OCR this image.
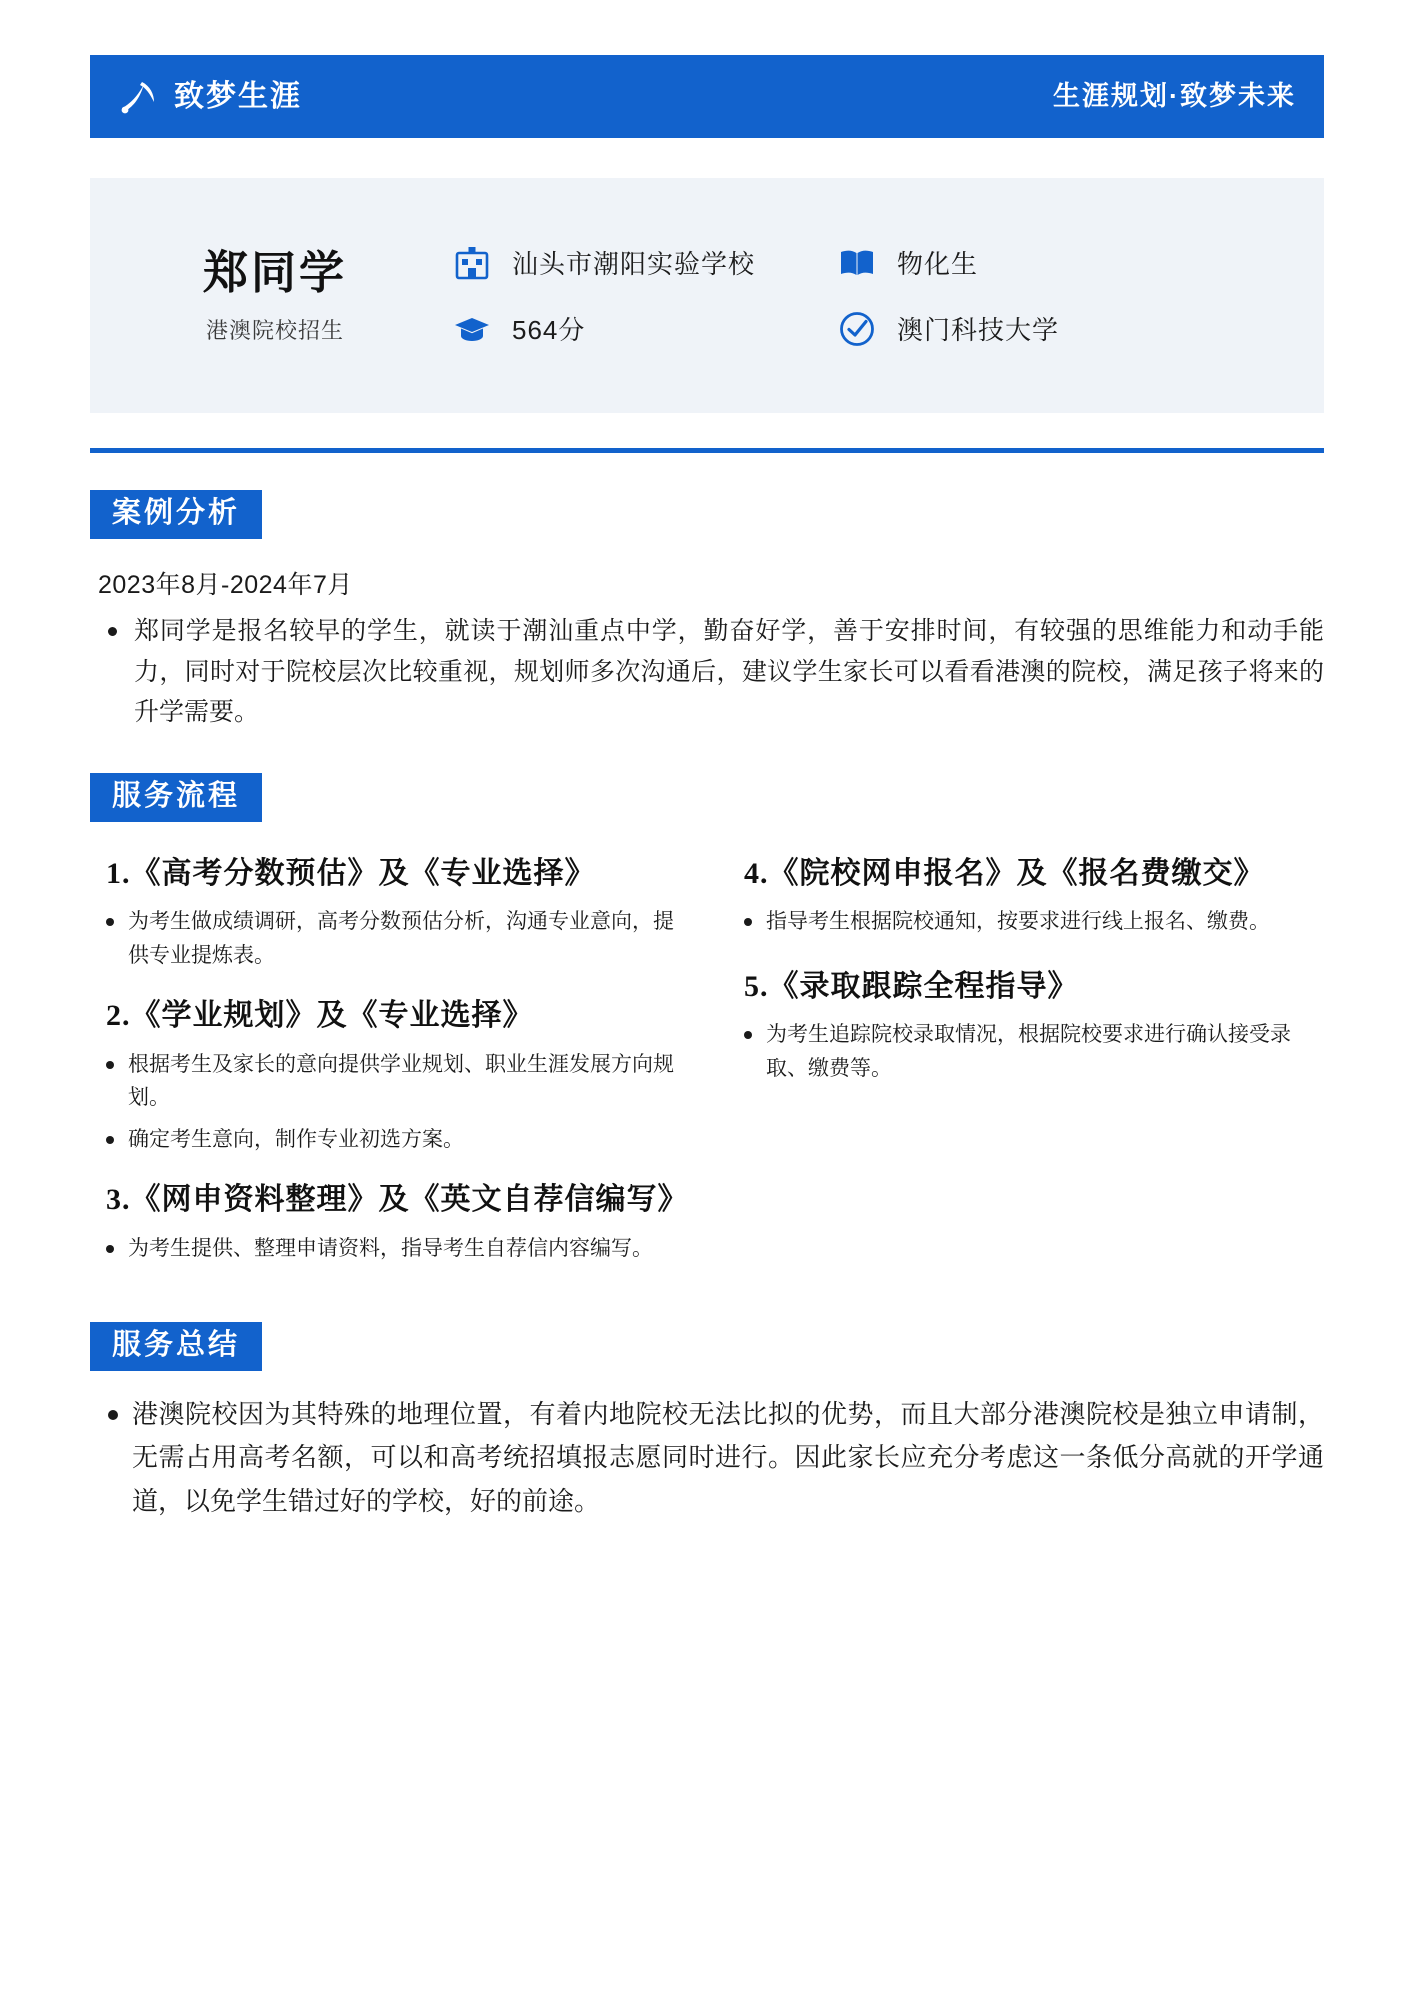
致梦生涯	生涯规划·致梦未来
郑同学
港澳院校招生
汕头市潮阳实验学校	物化生
564分	澳门科技大学
案例分析
2023年8月-2024年7月
郑同学是报名较早的学生，就读于潮汕重点中学，勤奋好学，善于安排时间，有较强的思维能力和动手能力，同时对于院校层次比较重视，规划师多次沟通后，建议学生家长可以看看港澳的院校，满足孩子将来的升学需要。
服务流程
1.《高考分数预估》及《专业选择》
为考生做成绩调研，高考分数预估分析，沟通专业意向，提供专业提炼表。
2.《学业规划》及《专业选择》
根据考生及家长的意向提供学业规划、职业生涯发展方向规划。
确定考生意向，制作专业初选方案。
3.《网申资料整理》及《英文自荐信编写》
为考生提供、整理申请资料，指导考生自荐信内容编写。
4.《院校网申报名》及《报名费缴交》
指导考生根据院校通知，按要求进行线上报名、缴费。
5.《录取跟踪全程指导》
为考生追踪院校录取情况，根据院校要求进行确认接受录取、缴费等。
服务总结
港澳院校因为其特殊的地理位置，有着内地院校无法比拟的优势，而且大部分港澳院校是独立申请制，无需占用高考名额，可以和高考统招填报志愿同时进行。因此家长应充分考虑这一条低分高就的开学通道，以免学生错过好的学校，好的前途。
